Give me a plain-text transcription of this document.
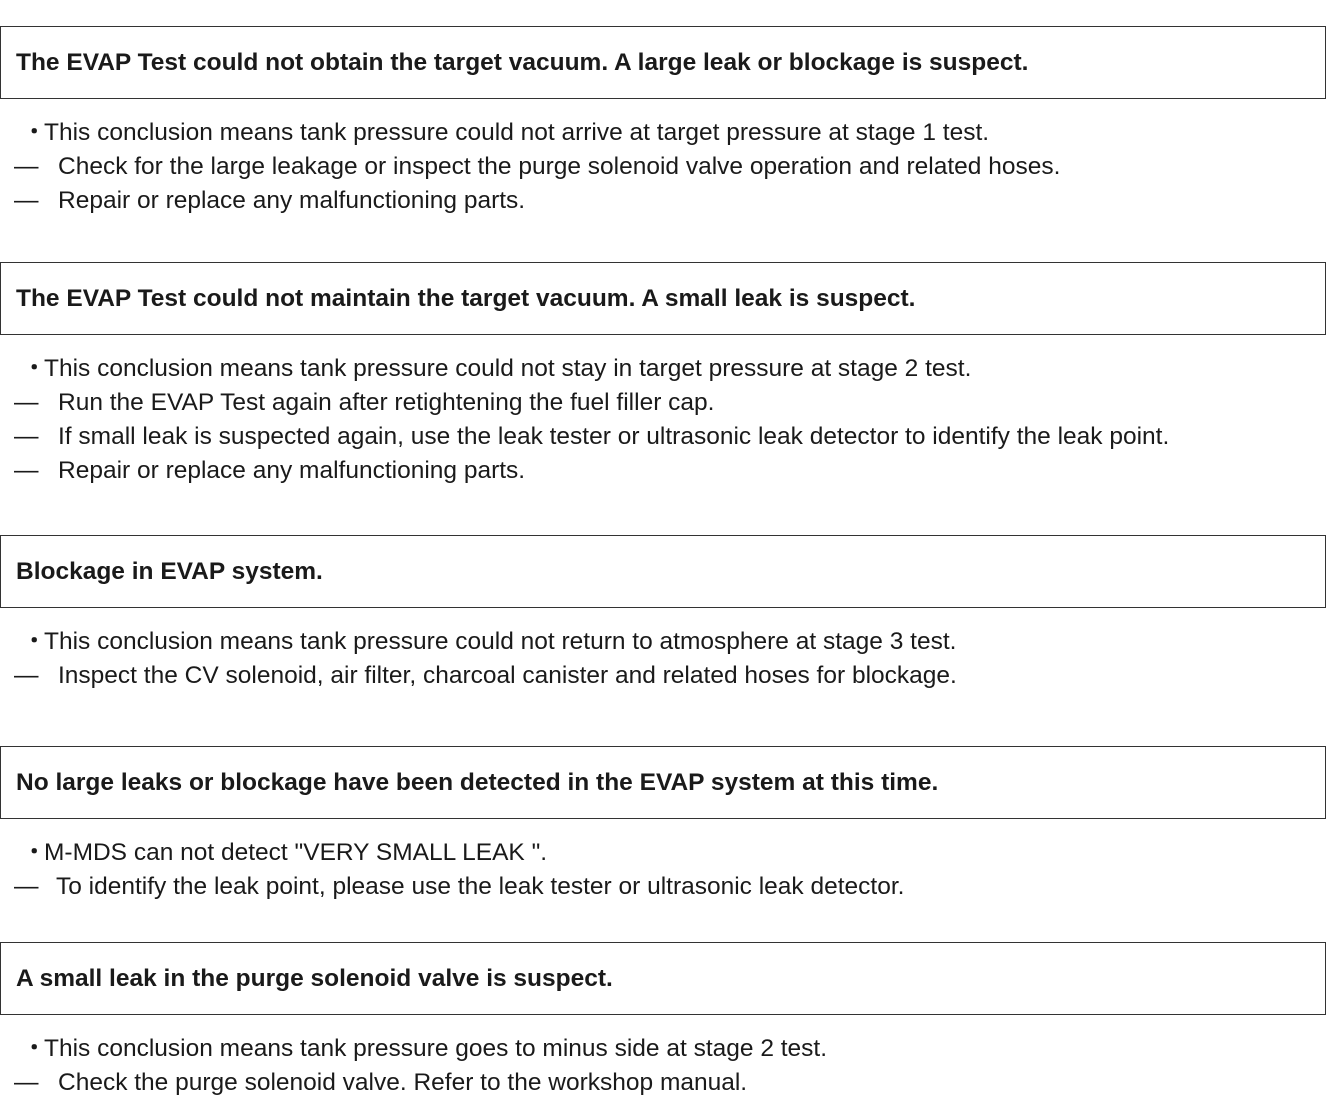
The EVAP Test could not obtain the target vacuum. A large leak or blockage is suspect.
・
This conclusion means tank pressure could not arrive at target pressure at stage 1 test.
— Check for the large leakage or inspect the purge solenoid valve operation and related hoses.
— Repair or replace any malfunctioning parts.
The EVAP Test could not maintain the target vacuum. A small leak is suspect.
・
This conclusion means tank pressure could not stay in target pressure at stage 2 test.
— Run the EVAP Test again after retightening the fuel filler cap.
— If small leak is suspected again, use the leak tester or ultrasonic leak detector to identify the leak point.
— Repair or replace any malfunctioning parts.
Blockage in EVAP system.
・
This conclusion means tank pressure could not return to atmosphere at stage 3 test.
— Inspect the CV solenoid, air filter, charcoal canister and related hoses for blockage.
No large leaks or blockage have been detected in the EVAP system at this time.
・
M-MDS can not detect "VERY SMALL LEAK ".
— To identify the leak point, please use the leak tester or ultrasonic leak detector.
A small leak in the purge solenoid valve is suspect.
・
This conclusion means tank pressure goes to minus side at stage 2 test.
— Check the purge solenoid valve. Refer to the workshop manual.
